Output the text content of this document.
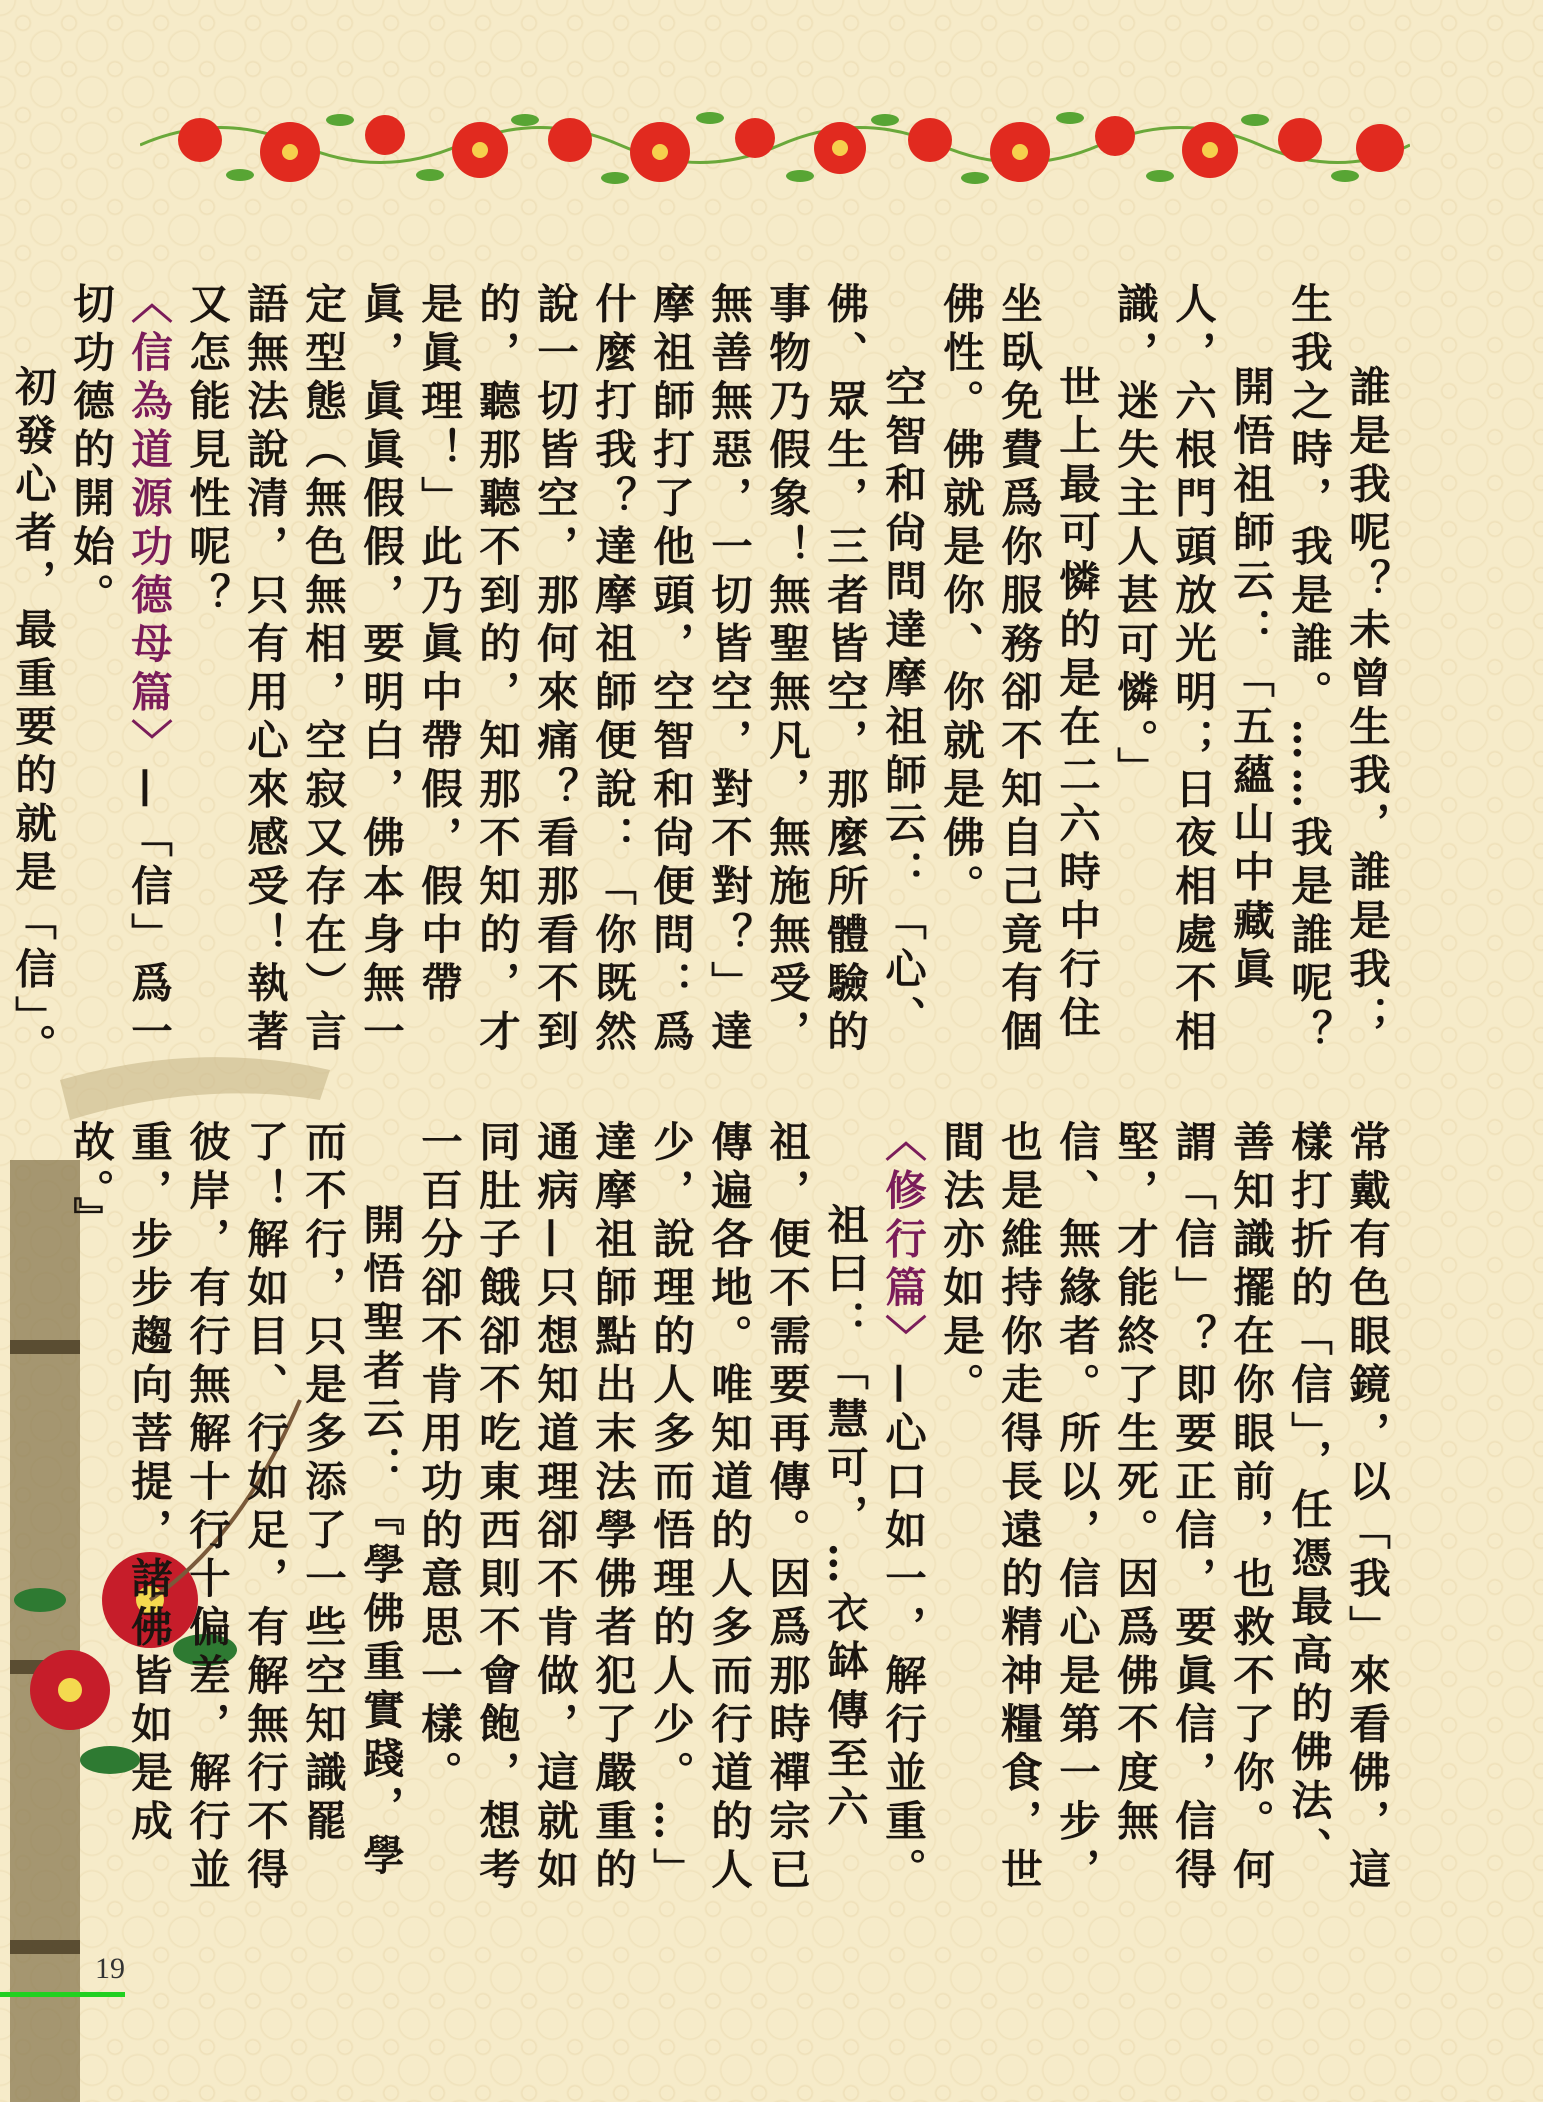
誰是我呢？未曾生我，誰是我；生我之時，我是誰。……我是誰呢？
開悟祖師云：「五蘊山中藏眞人，六根門頭放光明；日夜相處不相識，迷失主人甚可憐。」
世上最可憐的是在二六時中行住坐臥免費爲你服務卻不知自己竟有個佛性。佛就是你、你就是佛。
空智和尙問達摩祖師云：「心、佛、眾生，三者皆空，那麼所體驗的事物乃假象！無聖無凡，無施無受，無善無惡，一切皆空，對不對？」達摩祖師打了他頭，空智和尙便問：爲什麼打我？達摩祖師便說：「你既然說一切皆空，那何來痛？看那看不到的，聽那聽不到的，知那不知的，才是眞理！」此乃眞中帶假，假中帶眞，眞眞假假，要明白，佛本身無一定型態（無色無相，空寂又存在）言語無法說清，只有用心來感受！執著又怎能見性呢？
〈信為道源功德母篇〉—「信」爲一切功德的開始。
初發心者，最重要的就是「信」。
常戴有色眼鏡，以「我」來看佛，這樣打折的「信」，任憑最高的佛法、善知識擺在你眼前，也救不了你。何謂「信」？即要正信，要眞信，信得堅，才能終了生死。因爲佛不度無信、無緣者。所以，信心是第一步，也是維持你走得長遠的精神糧食，世間法亦如是。
〈修行篇〉—心口如一，解行並重。
祖曰：「慧可，…衣缽傳至六祖，便不需要再傳。因爲那時禪宗已傳遍各地。唯知道的人多而行道的人少，說理的人多而悟理的人少。…」達摩祖師點出末法學佛者犯了嚴重的通病—只想知道理卻不肯做，這就如同肚子餓卻不吃東西則不會飽，想考一百分卻不肯用功的意思一樣。
開悟聖者云：『學佛重實踐，學而不行，只是多添了一些空知識罷了！解如目、行如足，有解無行不得彼岸，有行無解十行十偏差，解行並重，步步趨向菩提，諸佛皆如是成故。』

19
